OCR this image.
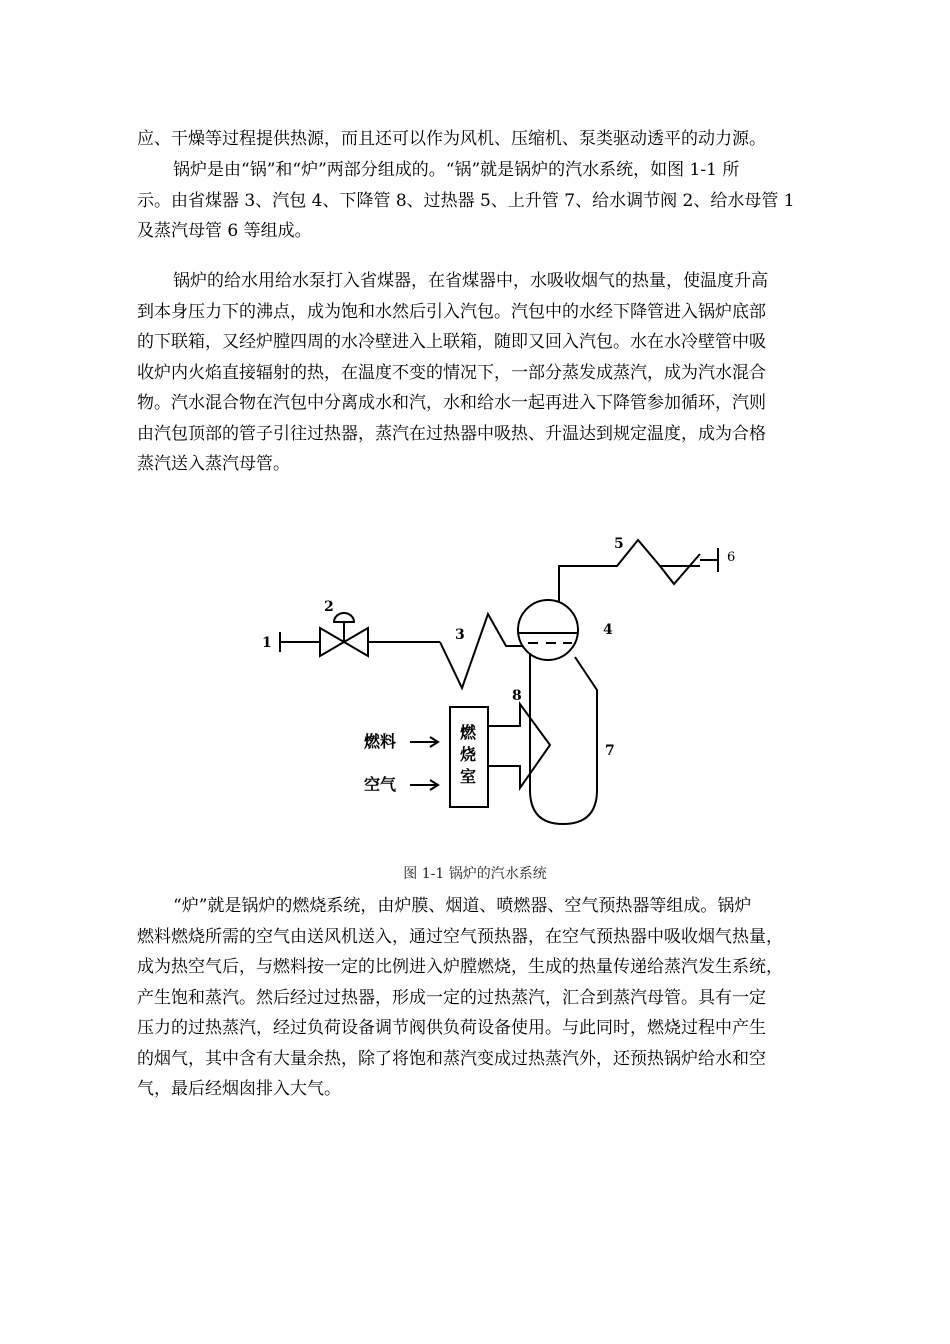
应、干燥等过程提供热源，而且还可以作为风机、压缩机、泵类驱动透平的动力源。
锅炉是由“锅”和“炉”两部分组成的。“锅”就是锅炉的汽水系统，如图 1-1 所
示。由省煤器 3、汽包 4、下降管 8、过热器 5、上升管 7、给水调节阀 2、给水母管 1
及蒸汽母管 6 等组成。
锅炉的给水用给水泵打入省煤器，在省煤器中，水吸收烟气的热量，使温度升高
到本身压力下的沸点，成为饱和水然后引入汽包。汽包中的水经下降管进入锅炉底部
的下联箱，又经炉膛四周的水冷壁进入上联箱，随即又回入汽包。水在水冷壁管中吸
收炉内火焰直接辐射的热，在温度不变的情况下，一部分蒸发成蒸汽，成为汽水混合
物。汽水混合物在汽包中分离成水和汽，水和给水一起再进入下降管参加循环，汽则
由汽包顶部的管子引往过热器，蒸汽在过热器中吸热、升温达到规定温度，成为合格
蒸汽送入蒸汽母管。
1
2
3	4
5
6
7
8
燃料
空气
燃
烧
室
图 1-1 锅炉的汽水系统
“炉”就是锅炉的燃烧系统，由炉膜、烟道、喷燃器、空气预热器等组成。锅炉
燃料燃烧所需的空气由送风机送入，通过空气预热器，在空气预热器中吸收烟气热量，
成为热空气后，与燃料按一定的比例进入炉膛燃烧，生成的热量传递给蒸汽发生系统，
产生饱和蒸汽。然后经过过热器，形成一定的过热蒸汽，汇合到蒸汽母管。具有一定
压力的过热蒸汽，经过负荷设备调节阀供负荷设备使用。与此同时，燃烧过程中产生
的烟气，其中含有大量余热，除了将饱和蒸汽变成过热蒸汽外，还预热锅炉给水和空
气，最后经烟囱排入大气。
